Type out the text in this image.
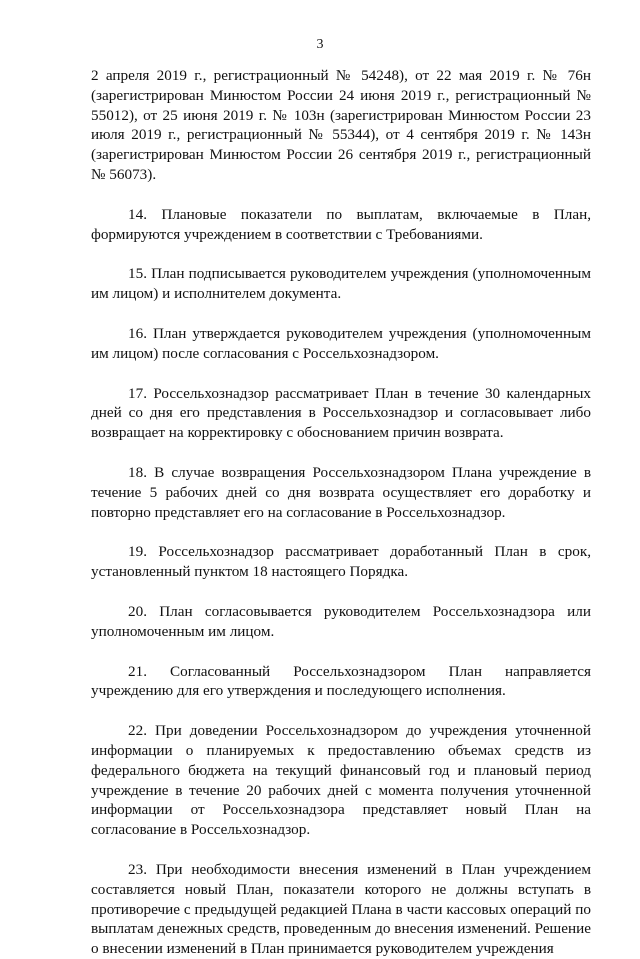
3

2 апреля 2019 г., регистрационный № 54248), от 22 мая 2019 г. № 76н (зарегистрирован Минюстом России 24 июня 2019 г., регистрационный № 55012), от 25 июня 2019 г. № 103н (зарегистрирован Минюстом России 23 июля 2019 г., регистрационный № 55344), от 4 сентября 2019 г. № 143н (зарегистрирован Минюстом России 26 сентября 2019 г., регистрационный № 56073).

14. Плановые показатели по выплатам, включаемые в План, формируются учреждением в соответствии с Требованиями.

15. План подписывается руководителем учреждения (уполномоченным им лицом) и исполнителем документа.

16. План утверждается руководителем учреждения (уполномоченным им лицом) после согласования с Россельхознадзором.

17. Россельхознадзор рассматривает План в течение 30 календарных дней со дня его представления в Россельхознадзор и согласовывает либо возвращает на корректировку с обоснованием причин возврата.

18. В случае возвращения Россельхознадзором Плана учреждение в течение 5 рабочих дней со дня возврата осуществляет его доработку и повторно представляет его на согласование в Россельхознадзор.

19. Россельхознадзор рассматривает доработанный План в срок, установленный пунктом 18 настоящего Порядка.

20. План согласовывается руководителем Россельхознадзора или уполномоченным им лицом.

21. Согласованный Россельхознадзором План направляется учреждению для его утверждения и последующего исполнения.

22. При доведении Россельхознадзором до учреждения уточненной информации о планируемых к предоставлению объемах средств из федерального бюджета на текущий финансовый год и плановый период учреждение в течение 20 рабочих дней с момента получения уточненной информации от Россельхознадзора представляет новый План на согласование в Россельхознадзор.

23. При необходимости внесения изменений в План учреждением составляется новый План, показатели которого не должны вступать в противоречие с предыдущей редакцией Плана в части кассовых операций по выплатам денежных средств, проведенным до внесения изменений. Решение о внесении изменений в План принимается руководителем учреждения
